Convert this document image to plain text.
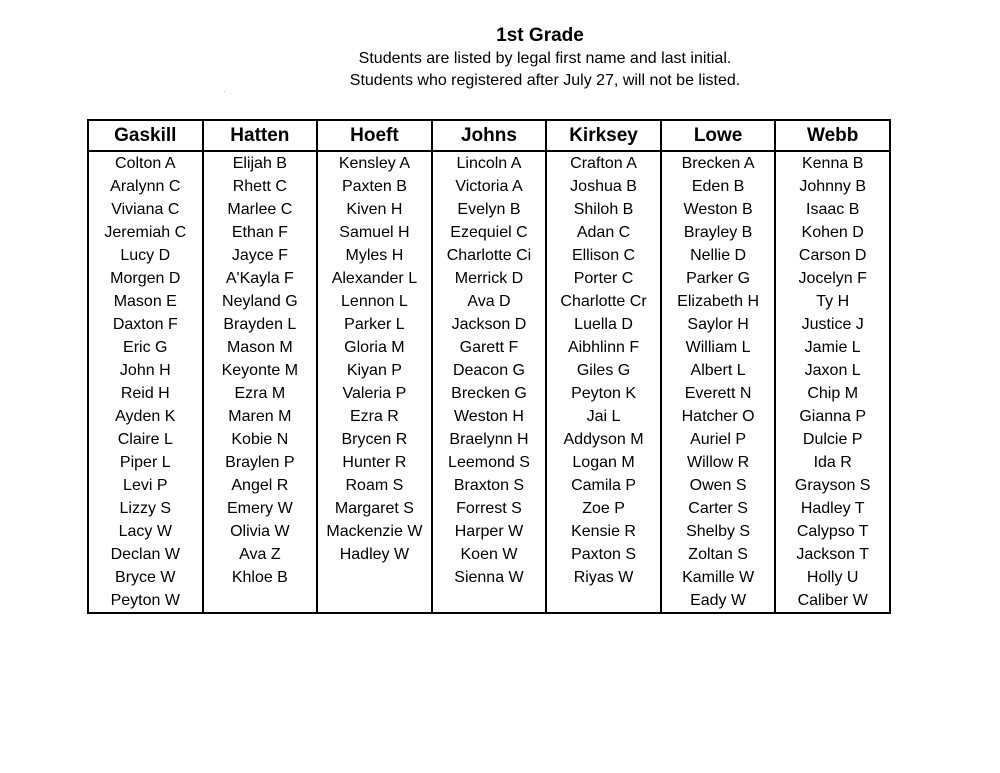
1st Grade
Students are listed by legal first name and last initial.
Students who registered after July 27, will not be listed.
Gaskill	Hatten	Hoeft	Johns	Kirksey	Lowe	Webb
Colton A	Elijah B	Kensley A	Lincoln A	Crafton A	Brecken A	Kenna B
Aralynn C	Rhett C	Paxten B	Victoria A	Joshua B	Eden B	Johnny B
Viviana C	Marlee C	Kiven H	Evelyn B	Shiloh B	Weston B	Isaac B
Jeremiah C	Ethan F	Samuel H	Ezequiel C	Adan C	Brayley B	Kohen D
Lucy D	Jayce F	Myles H	Charlotte Ci	Ellison C	Nellie D	Carson D
Morgen D	A'Kayla F	Alexander L	Merrick D	Porter C	Parker G	Jocelyn F
Mason E	Neyland G	Lennon L	Ava D	Charlotte Cr	Elizabeth H	Ty H
Daxton F	Brayden L	Parker L	Jackson D	Luella D	Saylor H	Justice J
Eric G	Mason M	Gloria M	Garett F	Aibhlinn F	William L	Jamie L
John H	Keyonte M	Kiyan P	Deacon G	Giles G	Albert L	Jaxon L
Reid H	Ezra M	Valeria P	Brecken G	Peyton K	Everett N	Chip M
Ayden K	Maren M	Ezra R	Weston H	Jai L	Hatcher O	Gianna P
Claire L	Kobie N	Brycen R	Braelynn H	Addyson M	Auriel P	Dulcie P
Piper L	Braylen P	Hunter R	Leemond S	Logan M	Willow R	Ida R
Levi P	Angel R	Roam S	Braxton S	Camila P	Owen S	Grayson S
Lizzy S	Emery W	Margaret S	Forrest S	Zoe P	Carter S	Hadley T
Lacy W	Olivia W	Mackenzie W	Harper W	Kensie R	Shelby S	Calypso T
Declan W	Ava Z	Hadley W	Koen W	Paxton S	Zoltan S	Jackson T
Bryce W	Khloe B		Sienna W	Riyas W	Kamille W	Holly U
Peyton W					Eady W	Caliber W
